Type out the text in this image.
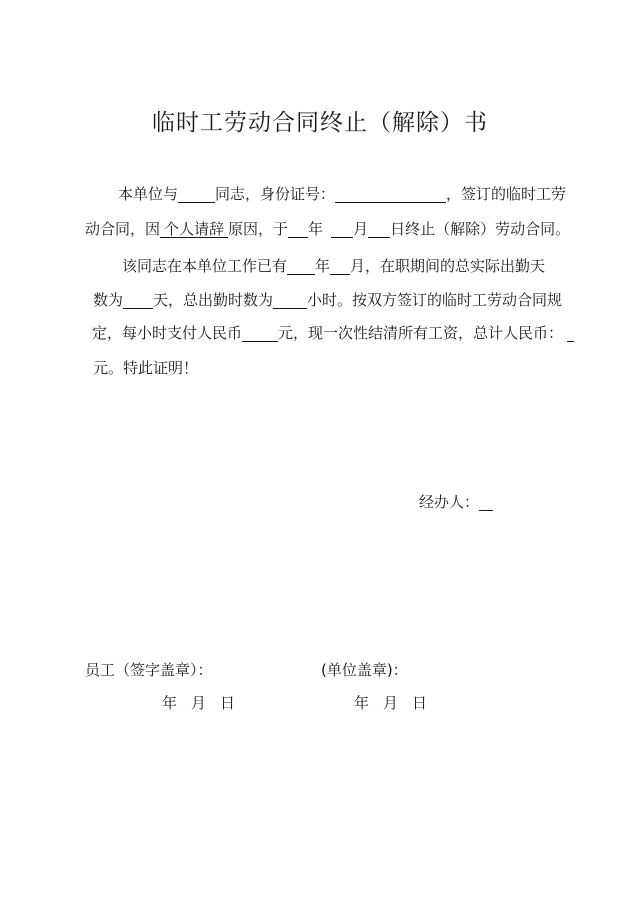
临时工劳动合同终止（解除）书
本单位与 同志，身份证号：	，签订的临时工劳
动合同，因 个人请辞 原因，于 年 月 日终止（解除）劳动合同。
该同志在本单位工作已有 年 月，在职期间的总实际出勤天
数为 天，总出勤时数为 小时。按双方签订的临时工劳动合同规
定，每小时支付人民币 元，现一次性结清所有工资，总计人民币：
元。特此证明！
经办人：
员工（签字盖章）：	(单位盖章)：
年 月 日	年 月 日
